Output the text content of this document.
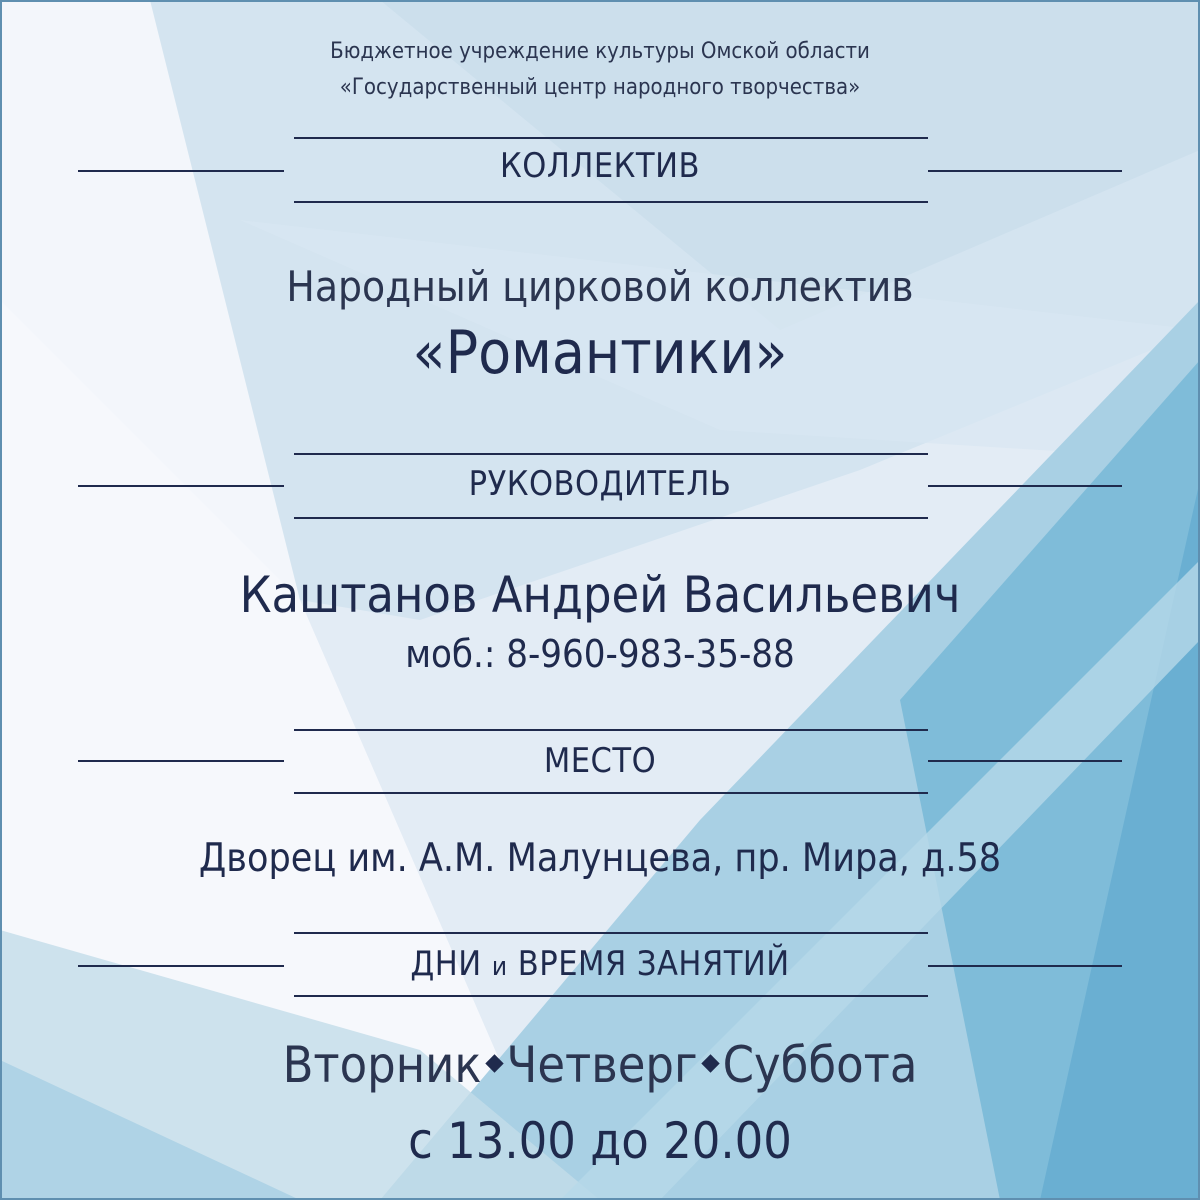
Бюджетное учреждение культуры Омской области
«Государственный центр народного творчества»
КОЛЛЕКТИВ
Народный цирковой коллектив
«Романтики»
РУКОВОДИТЕЛЬ
Каштанов Андрей Васильевич
моб.: 8-960-983-35-88
МЕСТО
Дворец им. А.М. Малунцева, пр. Мира, д.58
ДНИ и ВРЕМЯ ЗАНЯТИЙ
Вторник Четверг Суббота
с 13.00 до 20.00
